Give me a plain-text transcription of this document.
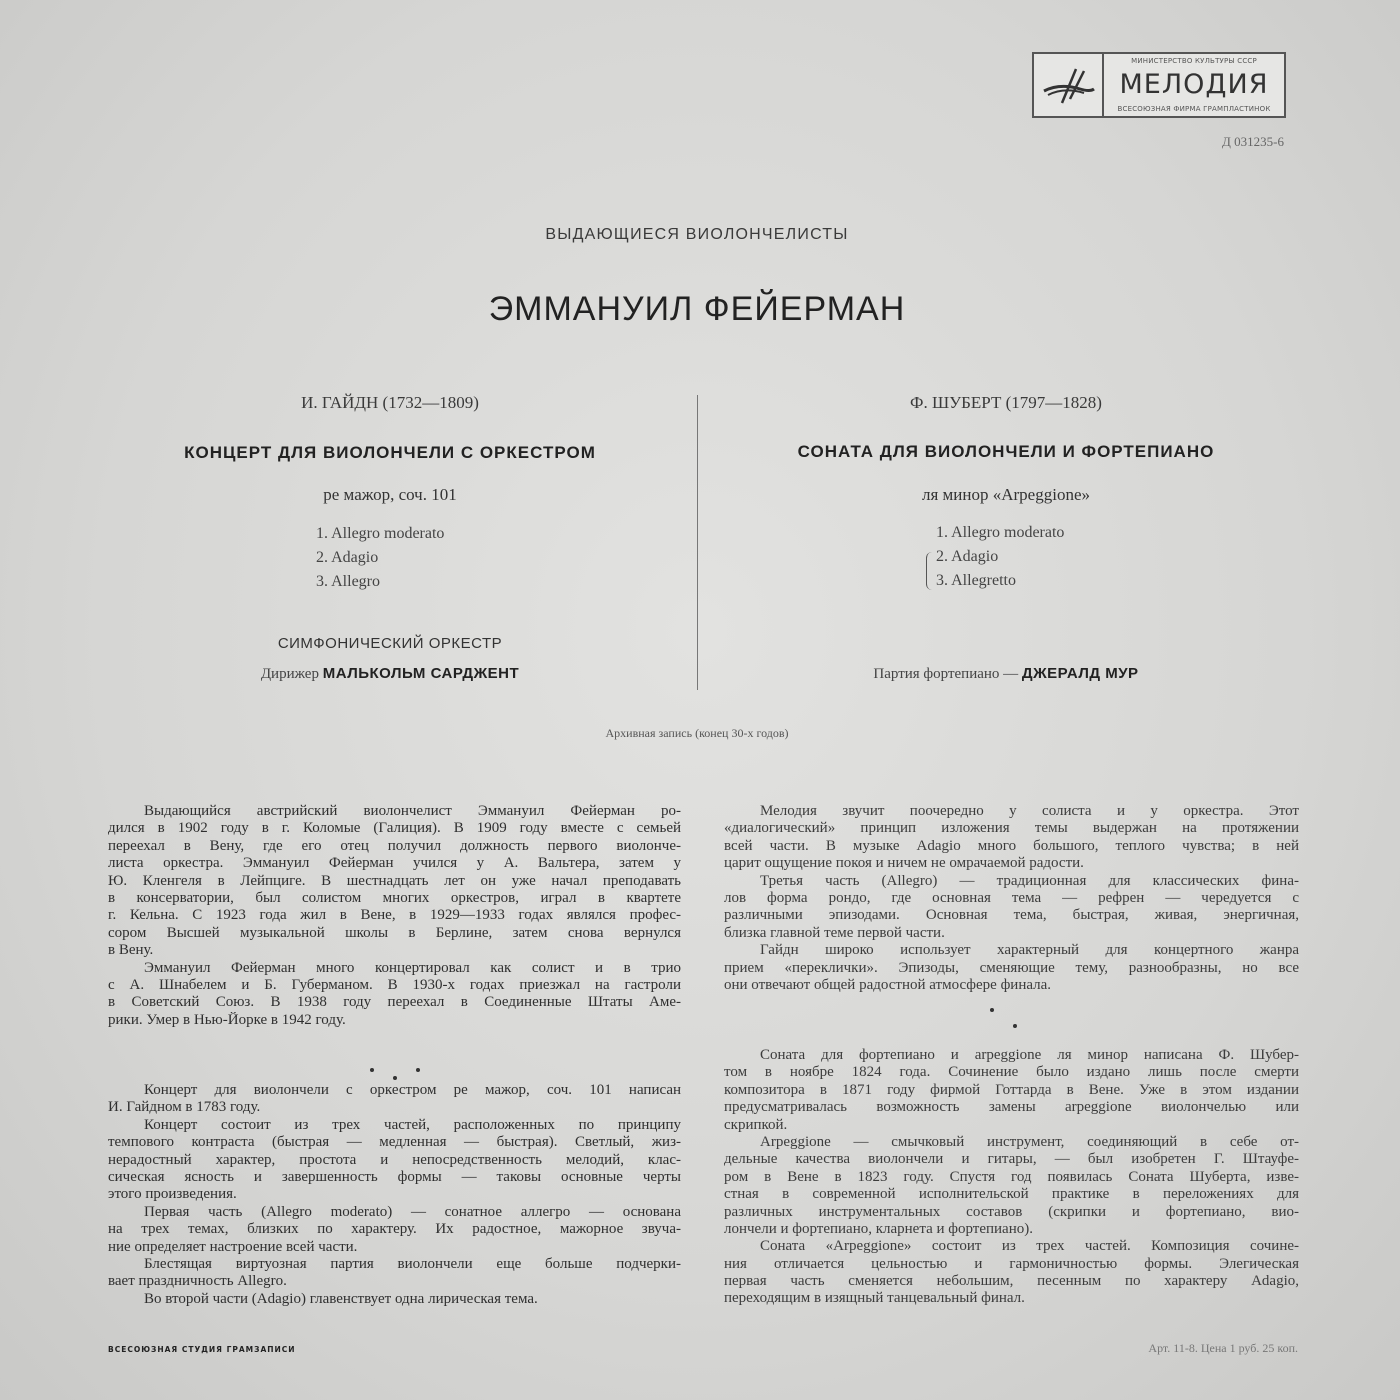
МИНИСТЕРСТВО КУЛЬТУРЫ СССР
МЕЛОДИЯ
ВСЕСОЮЗНАЯ ФИРМА ГРАМПЛАСТИНОК
Д 031235-6
ВЫДАЮЩИЕСЯ ВИОЛОНЧЕЛИСТЫ
ЭММАНУИЛ ФЕЙЕРМАН
И. ГАЙДН (1732—1809)
КОНЦЕРТ ДЛЯ ВИОЛОНЧЕЛИ С ОРКЕСТРОМ
ре мажор, соч. 101
1. Allegro moderato
2. Adagio
3. Allegro
СИМФОНИЧЕСКИЙ ОРКЕСТР
Дирижер МАЛЬКОЛЬМ САРДЖЕНТ
Ф. ШУБЕРТ (1797—1828)
СОНАТА ДЛЯ ВИОЛОНЧЕЛИ И ФОРТЕПИАНО
ля минор «Arpeggione»
1. Allegro moderato
2. Adagio
3. Allegretto
Партия фортепиано — ДЖЕРАЛД МУР
Архивная запись (конец 30-х годов)
Выдающийся австрийский виолончелист Эммануил Фейерман ро-
дился в 1902 году в г. Коломые (Галиция). В 1909 году вместе с семьей
переехал в Вену, где его отец получил должность первого виолонче-
листа оркестра. Эммануил Фейерман учился у А. Вальтера, затем у
Ю. Кленгеля в Лейпциге. В шестнадцать лет он уже начал преподавать
в консерватории, был солистом многих оркестров, играл в квартете
г. Кельна. С 1923 года жил в Вене, в 1929—1933 годах являлся профес-
сором Высшей музыкальной школы в Берлине, затем снова вернулся
в Вену.
Эммануил Фейерман много концертировал как солист и в трио
с А. Шнабелем и Б. Губерманом. В 1930-х годах приезжал на гастроли
в Советский Союз. В 1938 году переехал в Соединенные Штаты Аме-
рики. Умер в Нью-Йорке в 1942 году.
Концерт для виолончели с оркестром ре мажор, соч. 101 написан
И. Гайдном в 1783 году.
Концерт состоит из трех частей, расположенных по принципу
темпового контраста (быстрая — медленная — быстрая). Светлый, жиз-
нерадостный характер, простота и непосредственность мелодий, клас-
сическая ясность и завершенность формы — таковы основные черты
этого произведения.
Первая часть (Allegro moderato) — сонатное аллегро — основана
на трех темах, близких по характеру. Их радостное, мажорное звуча-
ние определяет настроение всей части.
Блестящая виртуозная партия виолончели еще больше подчерки-
вает праздничность Allegro.
Во второй части (Adagio) главенствует одна лирическая тема.
Мелодия звучит поочередно у солиста и у оркестра. Этот
«диалогический» принцип изложения темы выдержан на протяжении
всей части. В музыке Adagio много большого, теплого чувства; в ней
царит ощущение покоя и ничем не омрачаемой радости.
Третья часть (Allegro) — традиционная для классических фина-
лов форма рондо, где основная тема — рефрен — чередуется с
различными эпизодами. Основная тема, быстрая, живая, энергичная,
близка главной теме первой части.
Гайдн широко использует характерный для концертного жанра
прием «переклички». Эпизоды, сменяющие тему, разнообразны, но все
они отвечают общей радостной атмосфере финала.
Соната для фортепиано и arpeggione ля минор написана Ф. Шубер-
том в ноябре 1824 года. Сочинение было издано лишь после смерти
композитора в 1871 году фирмой Готтарда в Вене. Уже в этом издании
предусматривалась возможность замены arpeggione виолончелью или
скрипкой.
Arpeggione — смычковый инструмент, соединяющий в себе от-
дельные качества виолончели и гитары, — был изобретен Г. Штауфе-
ром в Вене в 1823 году. Спустя год появилась Соната Шуберта, изве-
стная в современной исполнительской практике в переложениях для
различных инструментальных составов (скрипки и фортепиано, вио-
лончели и фортепиано, кларнета и фортепиано).
Соната «Arpeggione» состоит из трех частей. Композиция сочине-
ния отличается цельностью и гармоничностью формы. Элегическая
первая часть сменяется небольшим, песенным по характеру Adagio,
переходящим в изящный танцевальный финал.
ВСЕСОЮЗНАЯ СТУДИЯ ГРАМЗАПИСИ	Арт. 11-8. Цена 1 руб. 25 коп.
